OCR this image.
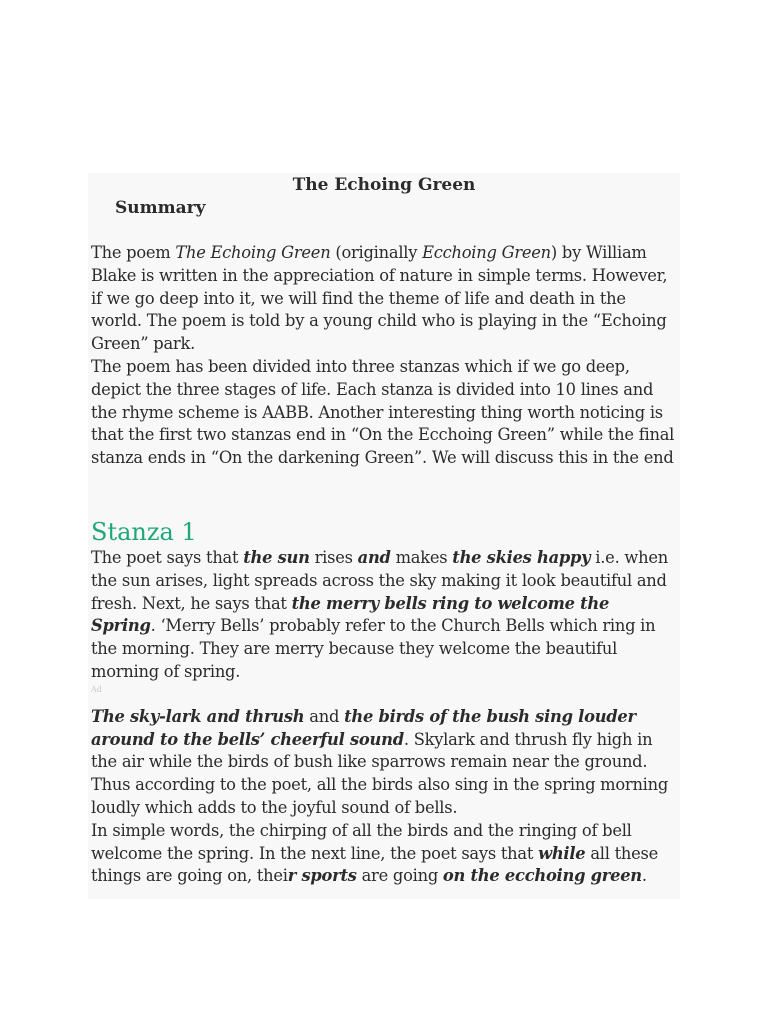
The Echoing Green
Summary

The poem The Echoing Green (originally Ecchoing Green) by William Blake is written in the appreciation of nature in simple terms. However, if we go deep into it, we will find the theme of life and death in the world. The poem is told by a young child who is playing in the “Echoing Green” park.

The poem has been divided into three stanzas which if we go deep, depict the three stages of life. Each stanza is divided into 10 lines and the rhyme scheme is AABB. Another interesting thing worth noticing is that the first two stanzas end in “On the Ecchoing Green” while the final stanza ends in “On the darkening Green”. We will discuss this in the end

Stanza 1

The poet says that the sun rises and makes the skies happy i.e. when the sun arises, light spreads across the sky making it look beautiful and fresh. Next, he says that the merry bells ring to welcome the Spring. ‘Merry Bells’ probably refer to the Church Bells which ring in the morning. They are merry because they welcome the beautiful morning of spring.

Ad

The sky-lark and thrush and the birds of the bush sing louder around to the bells’ cheerful sound. Skylark and thrush fly high in the air while the birds of bush like sparrows remain near the ground. Thus according to the poet, all the birds also sing in the spring morning loudly which adds to the joyful sound of bells.

In simple words, the chirping of all the birds and the ringing of bell welcome the spring. In the next line, the poet says that while all these things are going on, their sports are going on the ecchoing green.
